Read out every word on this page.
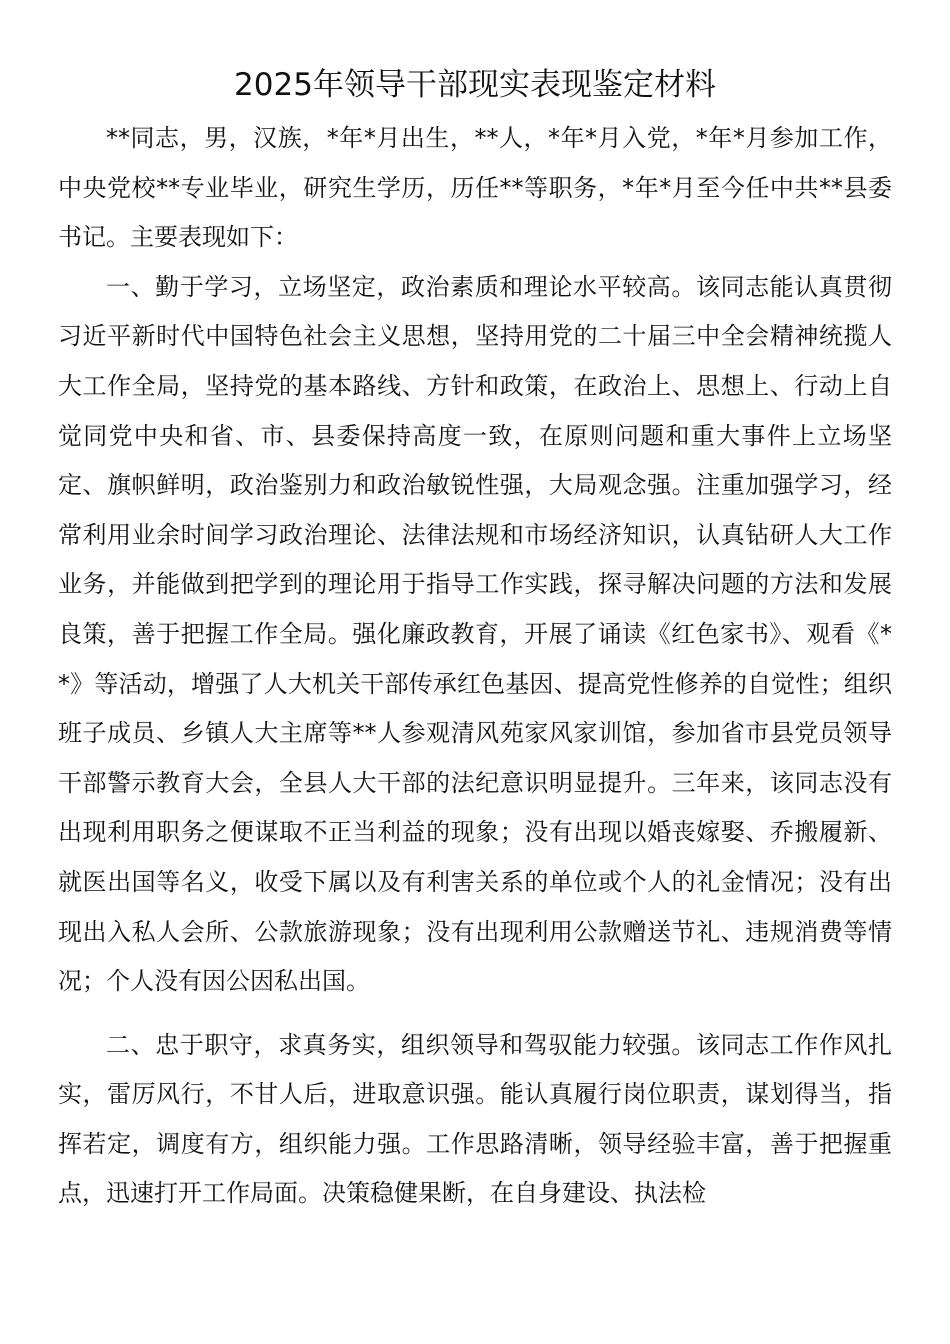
2025年领导干部现实表现鉴定材料

**同志，男，汉族，*年*月出生，**人，*年*月入党，*年*月参加工作，中央党校**专业毕业，研究生学历，历任**等职务，*年*月至今任中共**县委书记。主要表现如下：

一、勤于学习，立场坚定，政治素质和理论水平较高。该同志能认真贯彻习近平新时代中国特色社会主义思想，坚持用党的二十届三中全会精神统揽人大工作全局，坚持党的基本路线、方针和政策，在政治上、思想上、行动上自觉同党中央和省、市、县委保持高度一致，在原则问题和重大事件上立场坚定、旗帜鲜明，政治鉴别力和政治敏锐性强，大局观念强。注重加强学习，经常利用业余时间学习政治理论、法律法规和市场经济知识，认真钻研人大工作业务，并能做到把学到的理论用于指导工作实践，探寻解决问题的方法和发展良策，善于把握工作全局。强化廉政教育，开展了诵读《红色家书》、观看《**》等活动，增强了人大机关干部传承红色基因、提高党性修养的自觉性；组织班子成员、乡镇人大主席等**人参观清风苑家风家训馆，参加省市县党员领导干部警示教育大会，全县人大干部的法纪意识明显提升。三年来，该同志没有出现利用职务之便谋取不正当利益的现象；没有出现以婚丧嫁娶、乔搬履新、就医出国等名义，收受下属以及有利害关系的单位或个人的礼金情况；没有出现出入私人会所、公款旅游现象；没有出现利用公款赠送节礼、违规消费等情况；个人没有因公因私出国。

二、忠于职守，求真务实，组织领导和驾驭能力较强。该同志工作作风扎实，雷厉风行，不甘人后，进取意识强。能认真履行岗位职责，谋划得当，指挥若定，调度有方，组织能力强。工作思路清晰，领导经验丰富，善于把握重点，迅速打开工作局面。决策稳健果断，在自身建设、执法检
